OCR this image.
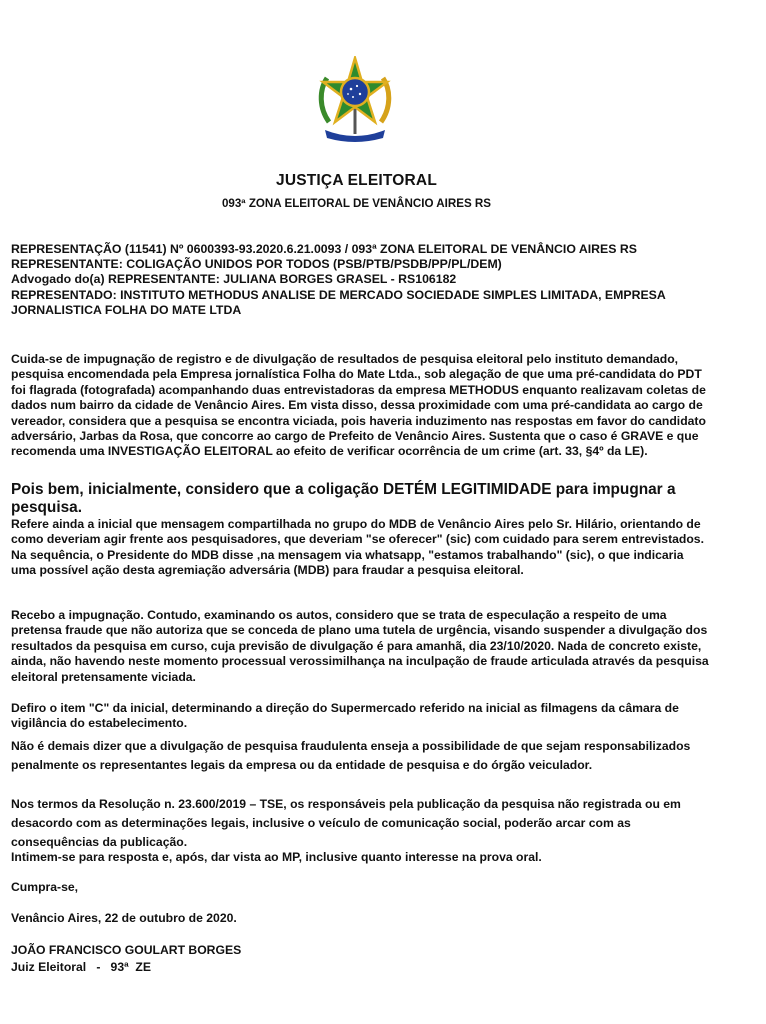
JUSTIÇA ELEITORAL
093ª ZONA ELEITORAL DE VENÂNCIO AIRES RS
REPRESENTAÇÃO (11541) Nº 0600393-93.2020.6.21.0093 / 093ª ZONA ELEITORAL DE VENÂNCIO AIRES RS
REPRESENTANTE: COLIGAÇÃO UNIDOS POR TODOS (PSB/PTB/PSDB/PP/PL/DEM)
Advogado do(a) REPRESENTANTE: JULIANA BORGES GRASEL - RS106182
REPRESENTADO: INSTITUTO METHODUS ANALISE DE MERCADO SOCIEDADE SIMPLES LIMITADA, EMPRESA JORNALISTICA FOLHA DO MATE LTDA

Cuida-se de impugnação de registro e de divulgação de resultados de pesquisa eleitoral pelo instituto demandado, pesquisa encomendada pela Empresa jornalística Folha do Mate Ltda., sob alegação de que uma pré-candidata do PDT foi flagrada (fotografada) acompanhando duas entrevistadoras da empresa METHODUS enquanto realizavam coletas de dados num bairro da cidade de Venâncio Aires. Em vista disso, dessa proximidade com uma pré-candidata ao cargo de vereador, considera que a pesquisa se encontra viciada, pois haveria induzimento nas respostas em favor do candidato adversário, Jarbas da Rosa, que concorre ao cargo de Prefeito de Venâncio Aires. Sustenta que o caso é GRAVE e que recomenda uma INVESTIGAÇÃO ELEITORAL ao efeito de verificar ocorrência de um crime (art. 33, §4º da LE).

Pois bem, inicialmente, considero que a coligação DETÉM LEGITIMIDADE para impugnar a pesquisa.

Refere ainda a inicial que mensagem compartilhada no grupo do MDB de Venâncio Aires pelo Sr. Hilário, orientando de como deveriam agir frente aos pesquisadores, que deveriam "se oferecer" (sic) com cuidado para serem entrevistados. Na sequência, o Presidente do MDB disse ,na mensagem via whatsapp, "estamos trabalhando" (sic), o que indicaria uma possível ação desta agremiação adversária (MDB) para fraudar a pesquisa eleitoral.

Recebo a impugnação. Contudo, examinando os autos, considero que se trata de especulação a respeito de uma pretensa fraude que não autoriza que se conceda de plano uma tutela de urgência, visando suspender a divulgação dos resultados da pesquisa em curso, cuja previsão de divulgação é para amanhã, dia 23/10/2020. Nada de concreto existe, ainda, não havendo neste momento processual verossimilhança na inculpação de fraude articulada através da pesquisa eleitoral pretensamente viciada.

Defiro o item "C" da inicial, determinando a direção do Supermercado referido na inicial as filmagens da câmara de vigilância do estabelecimento.

Não é demais dizer que a divulgação de pesquisa fraudulenta enseja a possibilidade de que sejam responsabilizados penalmente os representantes legais da empresa ou da entidade de pesquisa e do órgão veiculador.

Nos termos da Resolução n. 23.600/2019 – TSE, os responsáveis pela publicação da pesquisa não registrada ou em desacordo com as determinações legais, inclusive o veículo de comunicação social, poderão arcar com as consequências da publicação.

Intimem-se para resposta e, após, dar vista ao MP, inclusive quanto interesse na prova oral.

Cumpra-se,

Venâncio Aires, 22 de outubro de 2020.

JOÃO FRANCISCO GOULART BORGES

Juiz Eleitoral   -   93ª  ZE
